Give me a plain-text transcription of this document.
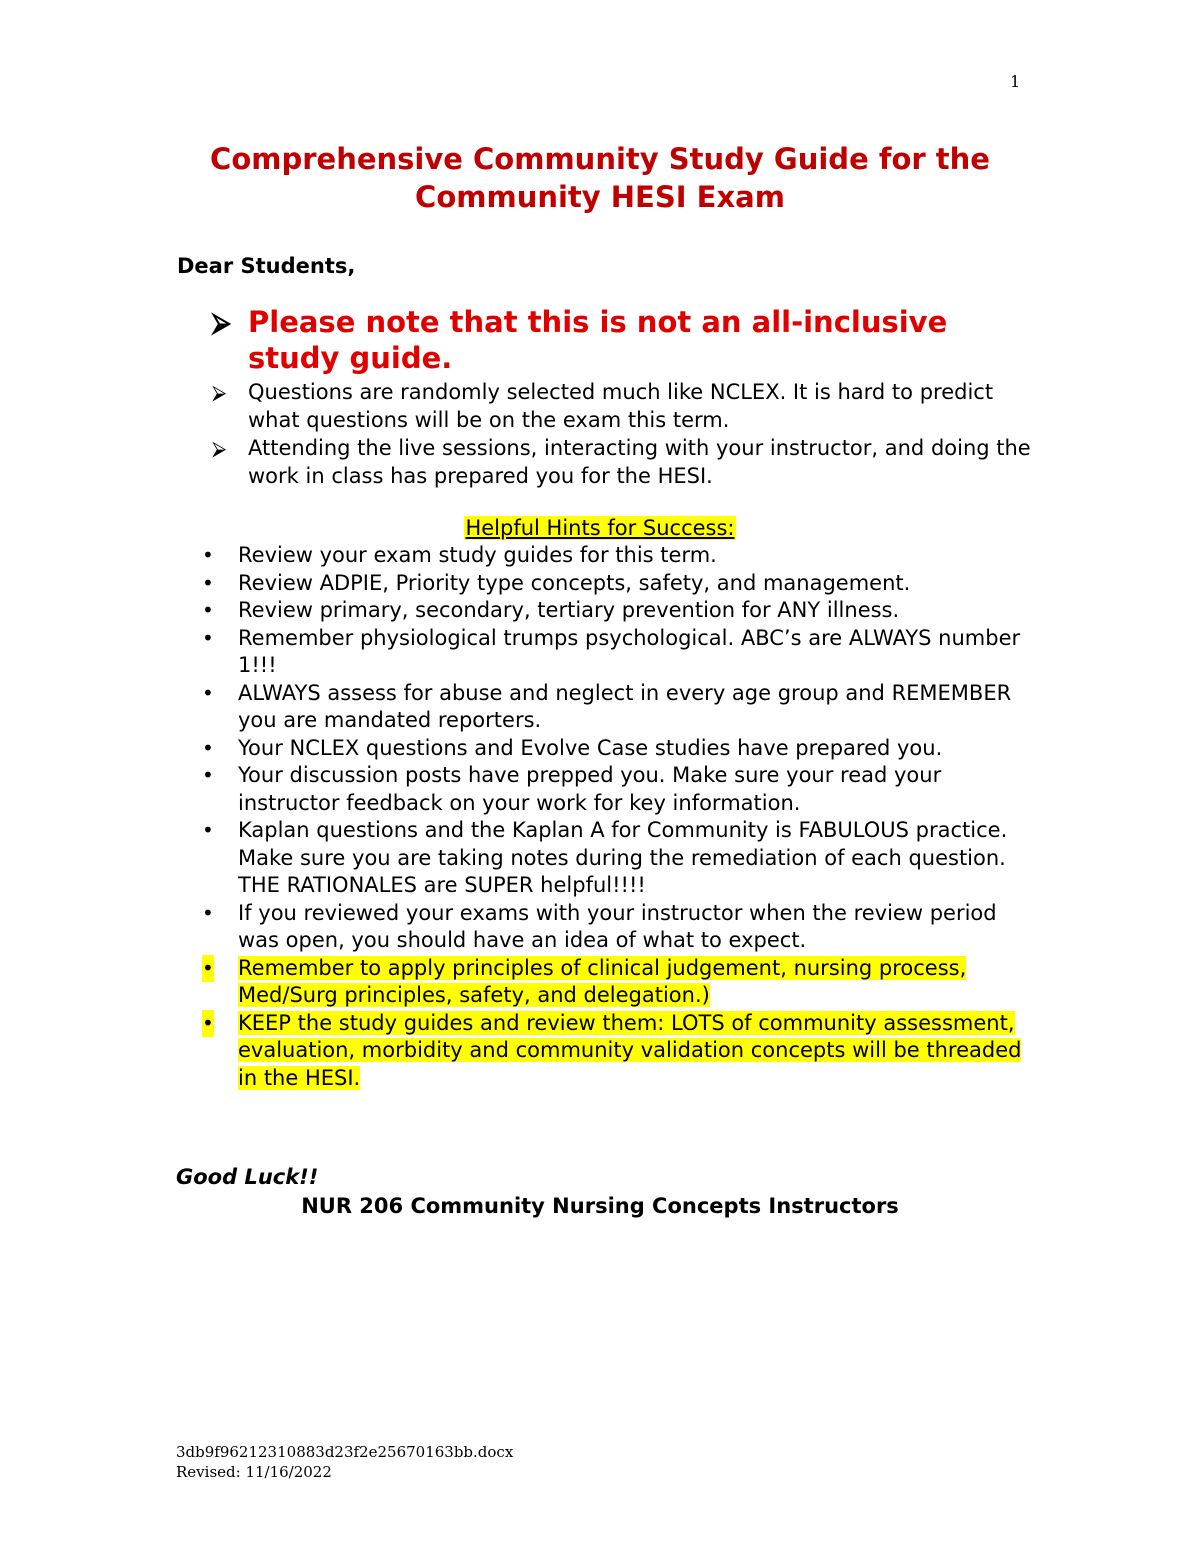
1
Comprehensive Community Study Guide for the
Community HESI Exam
Dear Students,
⮚ Please note that this is not an all-inclusive study guide.
⮚ Questions are randomly selected much like NCLEX. It is hard to predict what questions will be on the exam this term.
⮚ Attending the live sessions, interacting with your instructor, and doing the work in class has prepared you for the HESI.
Helpful Hints for Success:
• Review your exam study guides for this term.
• Review ADPIE, Priority type concepts, safety, and management.
• Review primary, secondary, tertiary prevention for ANY illness.
• Remember physiological trumps psychological. ABC’s are ALWAYS number 1!!!
• ALWAYS assess for abuse and neglect in every age group and REMEMBER you are mandated reporters.
• Your NCLEX questions and Evolve Case studies have prepared you.
• Your discussion posts have prepped you. Make sure your read your instructor feedback on your work for key information.
• Kaplan questions and the Kaplan A for Community is FABULOUS practice. Make sure you are taking notes during the remediation of each question. THE RATIONALES are SUPER helpful!!!!
• If you reviewed your exams with your instructor when the review period was open, you should have an idea of what to expect.
• Remember to apply principles of clinical judgement, nursing process, Med/Surg principles, safety, and delegation.)
• KEEP the study guides and review them: LOTS of community assessment, evaluation, morbidity and community validation concepts will be threaded in the HESI.
Good Luck!!
NUR 206 Community Nursing Concepts Instructors
3db9f96212310883d23f2e25670163bb.docx
Revised: 11/16/2022
